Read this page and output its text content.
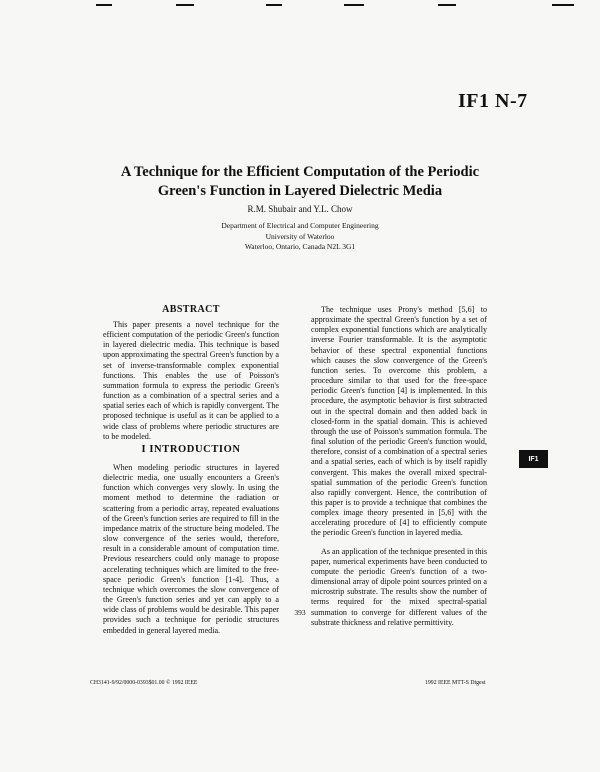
IF1 N-7
A Technique for the Efficient Computation of the Periodic
Green's Function in Layered Dielectric Media
R.M. Shubair and Y.L. Chow
Department of Electrical and Computer Engineering
University of Waterloo
Waterloo, Ontario, Canada N2L 3G1
ABSTRACT

This paper presents a novel technique for the efficient computation of the periodic Green's function in layered dielectric media. This technique is based upon approximating the spectral Green's function by a set of inverse-transformable complex exponential functions. This enables the use of Poisson's summation formula to express the periodic Green's function as a combination of a spectral series and a spatial series each of which is rapidly convergent. The proposed technique is useful as it can be applied to a wide class of problems where periodic structures are to be modeled.

I INTRODUCTION

When modeling periodic structures in layered dielectric media, one usually encounters a Green's function which converges very slowly. In using the moment method to determine the radiation or scattering from a periodic array, repeated evaluations of the Green's function series are required to fill in the impedance matrix of the structure being modeled. The slow convergence of the series would, therefore, result in a considerable amount of computation time. Previous researchers could only manage to propose accelerating techniques which are limited to the free-space periodic Green's function [1-4]. Thus, a technique which overcomes the slow convergence of the Green's function series and yet can apply to a wide class of problems would be desirable. This paper provides such a technique for periodic structures embedded in general layered media.

The technique uses Prony's method [5,6] to approximate the spectral Green's function by a set of complex exponential functions which are analytically inverse Fourier transformable. It is the asymptotic behavior of these spectral exponential functions which causes the slow convergence of the Green's function series. To overcome this problem, a procedure similar to that used for the free-space periodic Green's function [4] is implemented. In this procedure, the asymptotic behavior is first subtracted out in the spectral domain and then added back in closed-form in the spatial domain. This is achieved through the use of Poisson's summation formula. The final solution of the periodic Green's function would, therefore, consist of a combination of a spectral series and a spatial series, each of which is by itself rapidly convergent. This makes the overall mixed spectral-spatial summation of the periodic Green's function also rapidly convergent. Hence, the contribution of this paper is to provide a technique that combines the complex image theory presented in [5,6] with the accelerating procedure of [4] to efficiently compute the periodic Green's function in layered media.

As an application of the technique presented in this paper, numerical experiments have been conducted to compute the periodic Green's function of a two-dimensional array of dipole point sources printed on a microstrip substrate. The results show the number of terms required for the mixed spectral-spatial summation to converge for different values of the substrate thickness and relative permittivity.

IF1
393
CH3141-9/92/0000-0393$01.00 © 1992 IEEE	1992 IEEE MTT-S Digest
